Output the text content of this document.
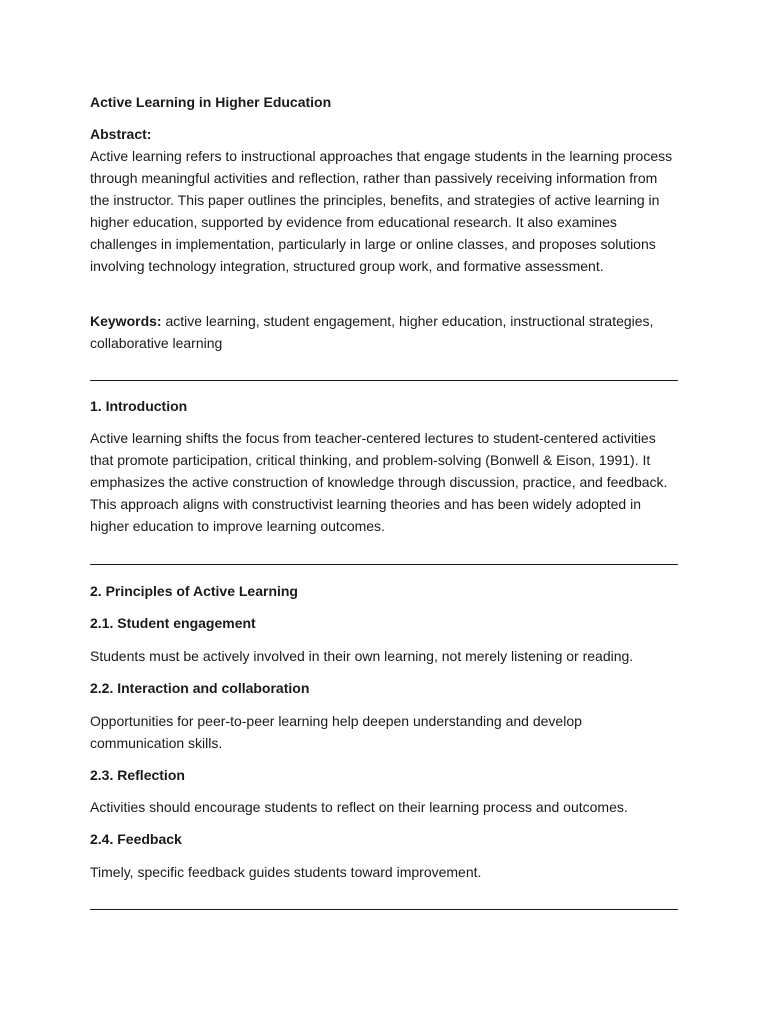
Active Learning in Higher Education
Abstract:

Active learning refers to instructional approaches that engage students in the learning process through meaningful activities and reflection, rather than passively receiving information from the instructor. This paper outlines the principles, benefits, and strategies of active learning in higher education, supported by evidence from educational research. It also examines challenges in implementation, particularly in large or online classes, and proposes solutions involving technology integration, structured group work, and formative assessment.

Keywords: active learning, student engagement, higher education, instructional strategies, collaborative learning

1. Introduction

Active learning shifts the focus from teacher-centered lectures to student-centered activities that promote participation, critical thinking, and problem-solving (Bonwell & Eison, 1991). It emphasizes the active construction of knowledge through discussion, practice, and feedback. This approach aligns with constructivist learning theories and has been widely adopted in higher education to improve learning outcomes.

2. Principles of Active Learning
2.1. Student engagement

Students must be actively involved in their own learning, not merely listening or reading.

2.2. Interaction and collaboration

Opportunities for peer-to-peer learning help deepen understanding and develop communication skills.

2.3. Reflection

Activities should encourage students to reflect on their learning process and outcomes.

2.4. Feedback

Timely, specific feedback guides students toward improvement.
